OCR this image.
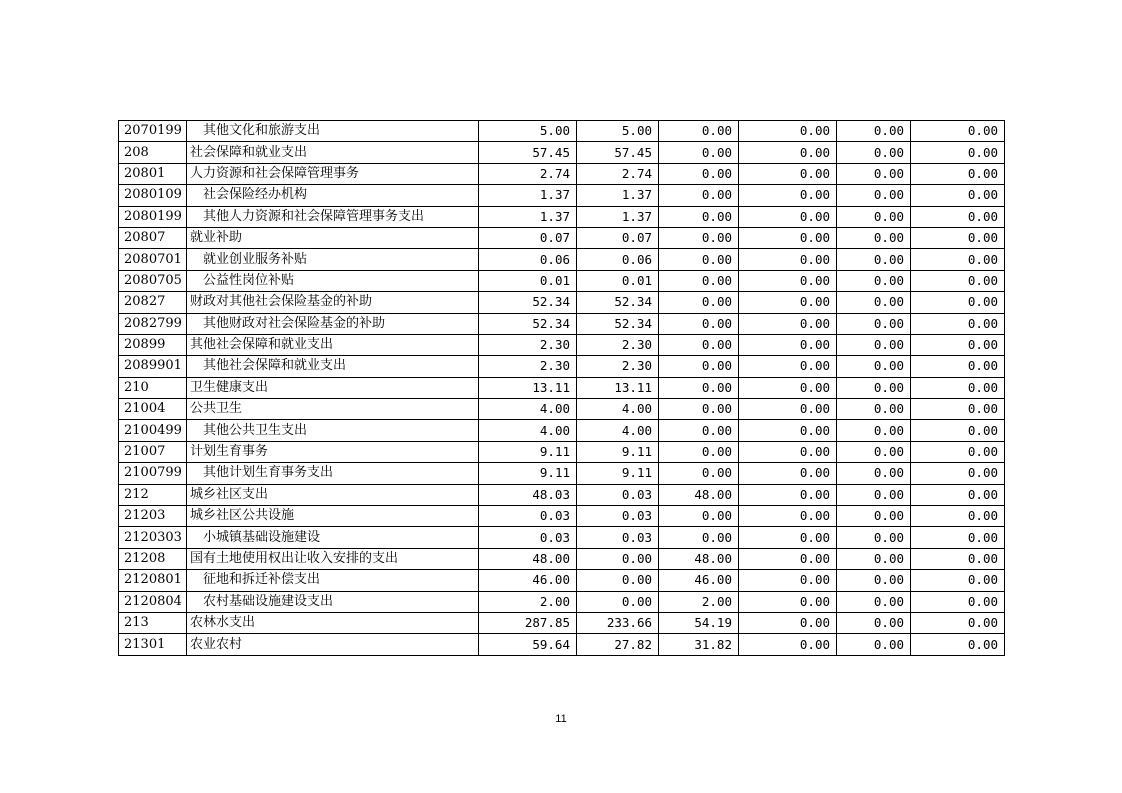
2070199	其他文化和旅游支出	5.00	5.00	0.00	0.00	0.00	0.00
208	社会保障和就业支出	57.45	57.45	0.00	0.00	0.00	0.00
20801	人力资源和社会保障管理事务	2.74	2.74	0.00	0.00	0.00	0.00
2080109	社会保险经办机构	1.37	1.37	0.00	0.00	0.00	0.00
2080199	其他人力资源和社会保障管理事务支出	1.37	1.37	0.00	0.00	0.00	0.00
20807	就业补助	0.07	0.07	0.00	0.00	0.00	0.00
2080701	就业创业服务补贴	0.06	0.06	0.00	0.00	0.00	0.00
2080705	公益性岗位补贴	0.01	0.01	0.00	0.00	0.00	0.00
20827	财政对其他社会保险基金的补助	52.34	52.34	0.00	0.00	0.00	0.00
2082799	其他财政对社会保险基金的补助	52.34	52.34	0.00	0.00	0.00	0.00
20899	其他社会保障和就业支出	2.30	2.30	0.00	0.00	0.00	0.00
2089901	其他社会保障和就业支出	2.30	2.30	0.00	0.00	0.00	0.00
210	卫生健康支出	13.11	13.11	0.00	0.00	0.00	0.00
21004	公共卫生	4.00	4.00	0.00	0.00	0.00	0.00
2100499	其他公共卫生支出	4.00	4.00	0.00	0.00	0.00	0.00
21007	计划生育事务	9.11	9.11	0.00	0.00	0.00	0.00
2100799	其他计划生育事务支出	9.11	9.11	0.00	0.00	0.00	0.00
212	城乡社区支出	48.03	0.03	48.00	0.00	0.00	0.00
21203	城乡社区公共设施	0.03	0.03	0.00	0.00	0.00	0.00
2120303	小城镇基础设施建设	0.03	0.03	0.00	0.00	0.00	0.00
21208	国有土地使用权出让收入安排的支出	48.00	0.00	48.00	0.00	0.00	0.00
2120801	征地和拆迁补偿支出	46.00	0.00	46.00	0.00	0.00	0.00
2120804	农村基础设施建设支出	2.00	0.00	2.00	0.00	0.00	0.00
213	农林水支出	287.85	233.66	54.19	0.00	0.00	0.00
21301	农业农村	59.64	27.82	31.82	0.00	0.00	0.00
11
